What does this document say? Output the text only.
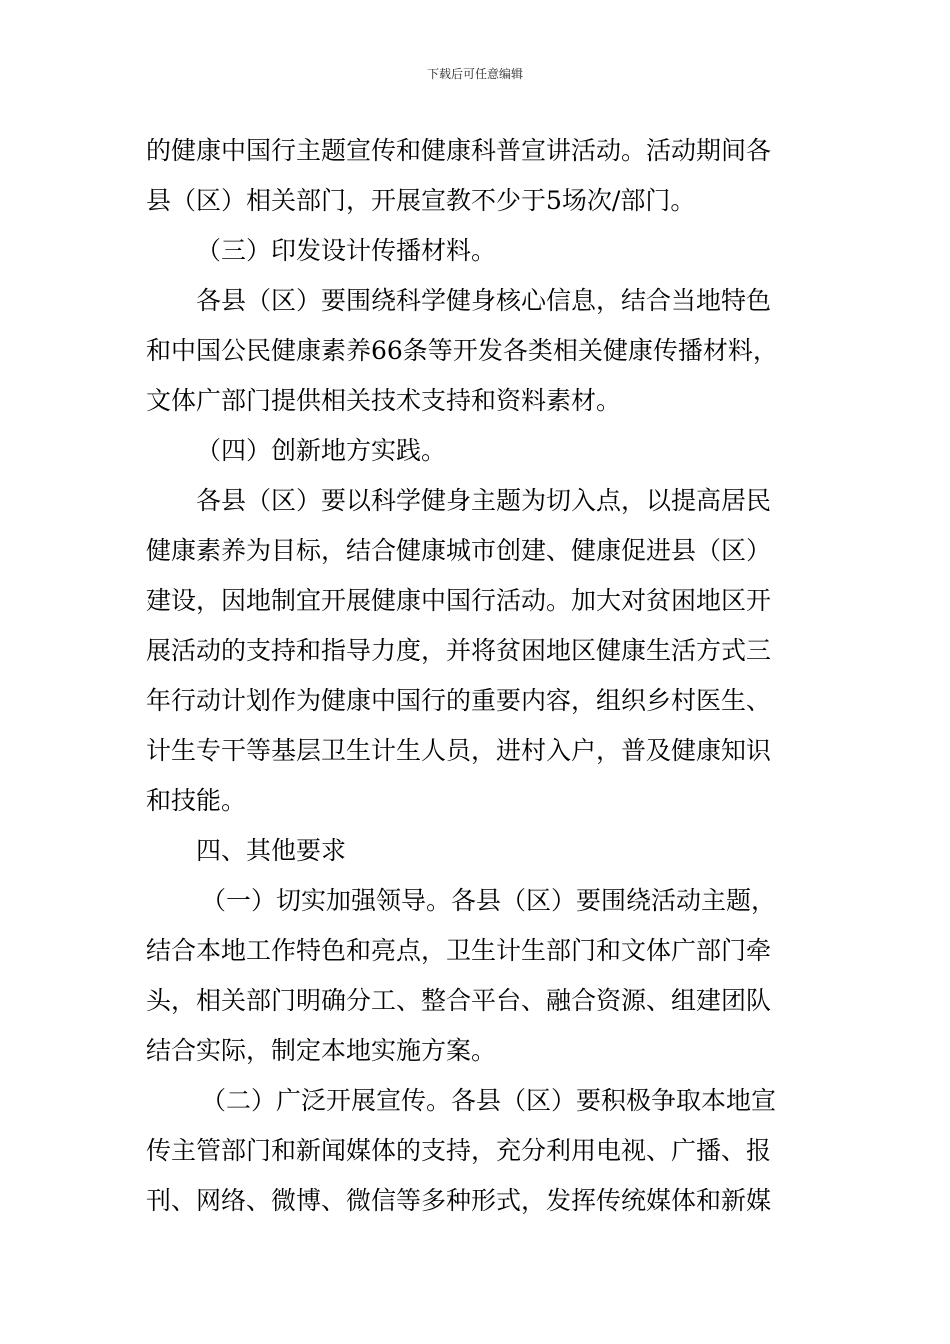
下载后可任意编辑
的健康中国行主题宣传和健康科普宣讲活动。活动期间各
县（区）相关部门，开展宣教不少于5场次/部门。
（三）印发设计传播材料。
各县（区）要围绕科学健身核心信息，结合当地特色
和中国公民健康素养66条等开发各类相关健康传播材料，
文体广部门提供相关技术支持和资料素材。
（四）创新地方实践。
各县（区）要以科学健身主题为切入点，以提高居民
健康素养为目标，结合健康城市创建、健康促进县（区）
建设，因地制宜开展健康中国行活动。加大对贫困地区开
展活动的支持和指导力度，并将贫困地区健康生活方式三
年行动计划作为健康中国行的重要内容，组织乡村医生、
计生专干等基层卫生计生人员，进村入户，普及健康知识
和技能。
四、其他要求
（一）切实加强领导。各县（区）要围绕活动主题，
结合本地工作特色和亮点，卫生计生部门和文体广部门牵
头，相关部门明确分工、整合平台、融合资源、组建团队
结合实际，制定本地实施方案。
（二）广泛开展宣传。各县（区）要积极争取本地宣
传主管部门和新闻媒体的支持，充分利用电视、广播、报
刊、网络、微博、微信等多种形式，发挥传统媒体和新媒
